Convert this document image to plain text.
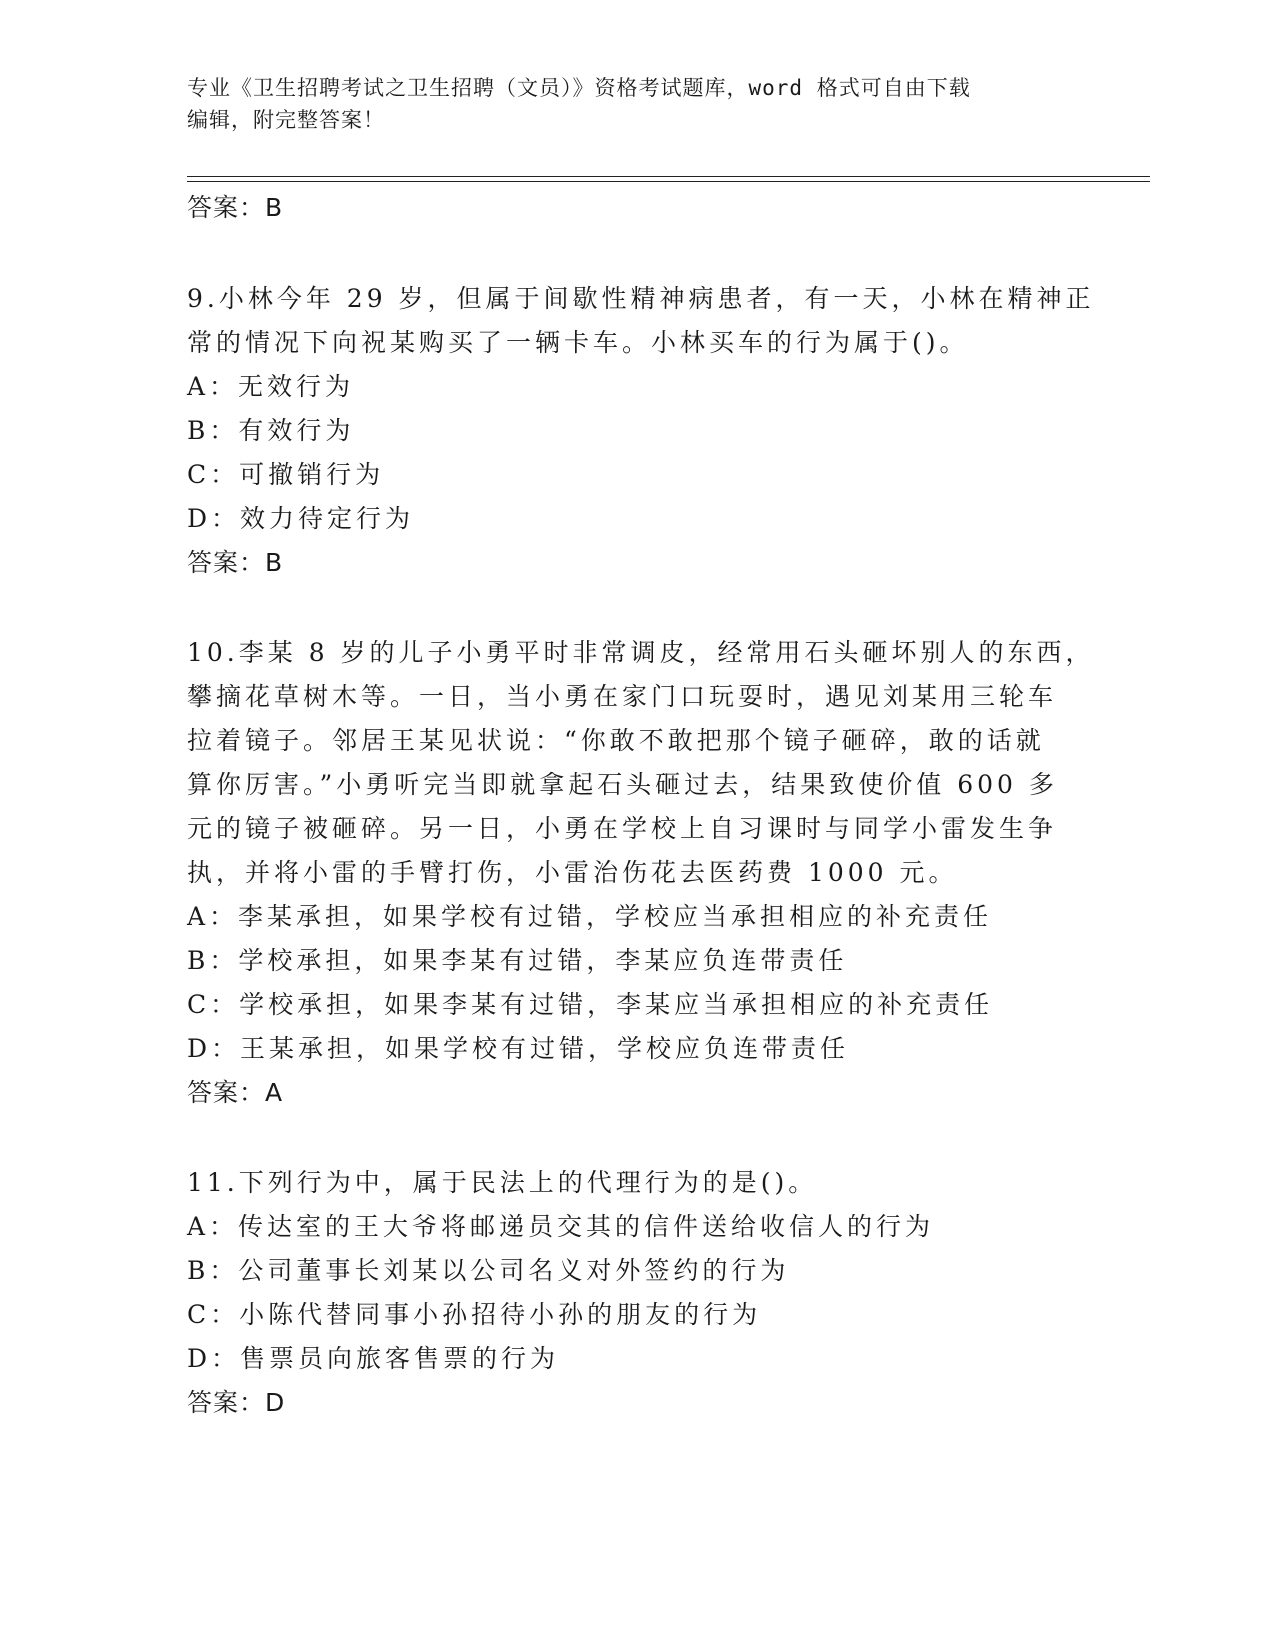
专业《卫生招聘考试之卫生招聘（文员）》资格考试题库，word 格式可自由下载
编辑，附完整答案！
答案：B
9.小林今年 29 岁，但属于间歇性精神病患者，有一天，小林在精神正
常的情况下向祝某购买了一辆卡车。小林买车的行为属于()。
A：无效行为
B：有效行为
C：可撤销行为
D：效力待定行为
答案：B
10.李某 8 岁的儿子小勇平时非常调皮，经常用石头砸坏别人的东西，
攀摘花草树木等。一日，当小勇在家门口玩耍时，遇见刘某用三轮车
拉着镜子。邻居王某见状说：“你敢不敢把那个镜子砸碎，敢的话就
算你厉害。”小勇听完当即就拿起石头砸过去，结果致使价值 600 多
元的镜子被砸碎。另一日，小勇在学校上自习课时与同学小雷发生争
执，并将小雷的手臂打伤，小雷治伤花去医药费 1000 元。
A：李某承担，如果学校有过错，学校应当承担相应的补充责任
B：学校承担，如果李某有过错，李某应负连带责任
C：学校承担，如果李某有过错，李某应当承担相应的补充责任
D：王某承担，如果学校有过错，学校应负连带责任
答案：A
11.下列行为中，属于民法上的代理行为的是()。
A：传达室的王大爷将邮递员交其的信件送给收信人的行为
B：公司董事长刘某以公司名义对外签约的行为
C：小陈代替同事小孙招待小孙的朋友的行为
D：售票员向旅客售票的行为
答案：D
